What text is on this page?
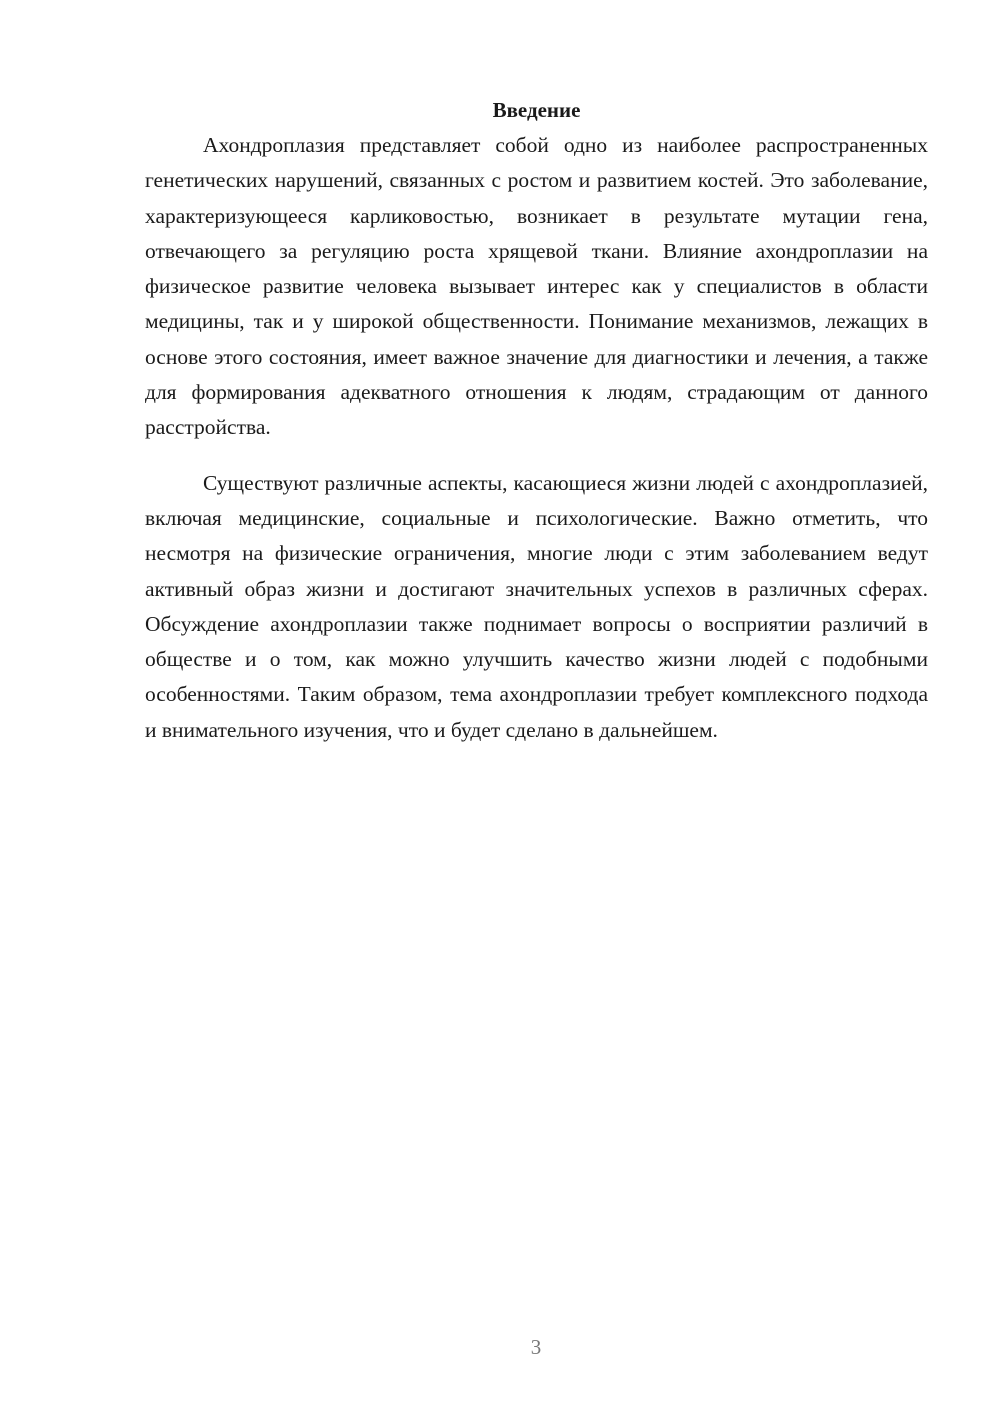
Введение

Ахондроплазия представляет собой одно из наиболее распространенных генетических нарушений, связанных с ростом и развитием костей. Это заболевание, характеризующееся карликовостью, возникает в результате мутации гена, отвечающего за регуляцию роста хрящевой ткани. Влияние ахондроплазии на физическое развитие человека вызывает интерес как у специалистов в области медицины, так и у широкой общественности. Понимание механизмов, лежащих в основе этого состояния, имеет важное значение для диагностики и лечения, а также для формирования адекватного отношения к людям, страдающим от данного расстройства.

Существуют различные аспекты, касающиеся жизни людей с ахондроплазией, включая медицинские, социальные и психологические. Важно отметить, что несмотря на физические ограничения, многие люди с этим заболеванием ведут активный образ жизни и достигают значительных успехов в различных сферах. Обсуждение ахондроплазии также поднимает вопросы о восприятии различий в обществе и о том, как можно улучшить качество жизни людей с подобными особенностями. Таким образом, тема ахондроплазии требует комплексного подхода и внимательного изучения, что и будет сделано в дальнейшем.

3
